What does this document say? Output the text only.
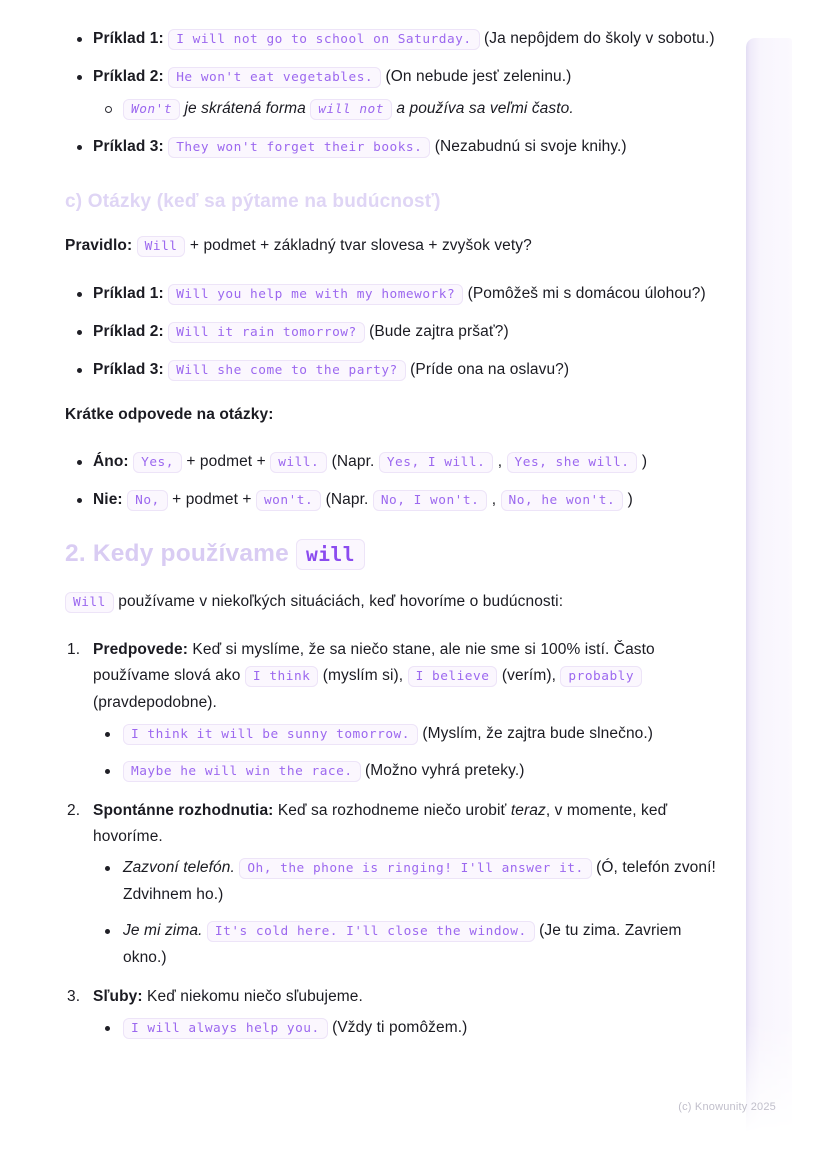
Príklad 1: I will not go to school on Saturday. (Ja nepôjdem do školy v sobotu.)
Príklad 2: He won't eat vegetables. (On nebude jesť zeleninu.)
Won't je skrátená forma will not a používa sa veľmi často.
Príklad 3: They won't forget their books. (Nezabudnú si svoje knihy.)
c) Otázky (keď sa pýtame na budúcnosť)

Pravidlo: Will + podmet + základný tvar slovesa + zvyšok vety?

Príklad 1: Will you help me with my homework? (Pomôžeš mi s domácou úlohou?)
Príklad 2: Will it rain tomorrow? (Bude zajtra pršať?)
Príklad 3: Will she come to the party? (Príde ona na oslavu?)

Krátke odpovede na otázky:

Áno: Yes, + podmet + will. (Napr. Yes, I will. , Yes, she will. )
Nie: No, + podmet + won't. (Napr. No, I won't. , No, he won't. )
2. Kedy používame will

Will používame v niekoľkých situáciách, keď hovoríme o budúcnosti:

1. Predpovede: Keď si myslíme, že sa niečo stane, ale nie sme si 100% istí. Často používame slová ako I think (myslím si), I believe (verím), probably (pravdepodobne).
I think it will be sunny tomorrow. (Myslím, že zajtra bude slnečno.)
Maybe he will win the race. (Možno vyhrá preteky.)
2. Spontánne rozhodnutia: Keď sa rozhodneme niečo urobiť teraz, v momente, keď hovoríme.
Zazvoní telefón. Oh, the phone is ringing! I'll answer it. (Ó, telefón zvoní! Zdvihnem ho.)
Je mi zima. It's cold here. I'll close the window. (Je tu zima. Zavriem okno.)
3. Sľuby: Keď niekomu niečo sľubujeme.
I will always help you. (Vždy ti pomôžem.)
(c) Knowunity 2025
